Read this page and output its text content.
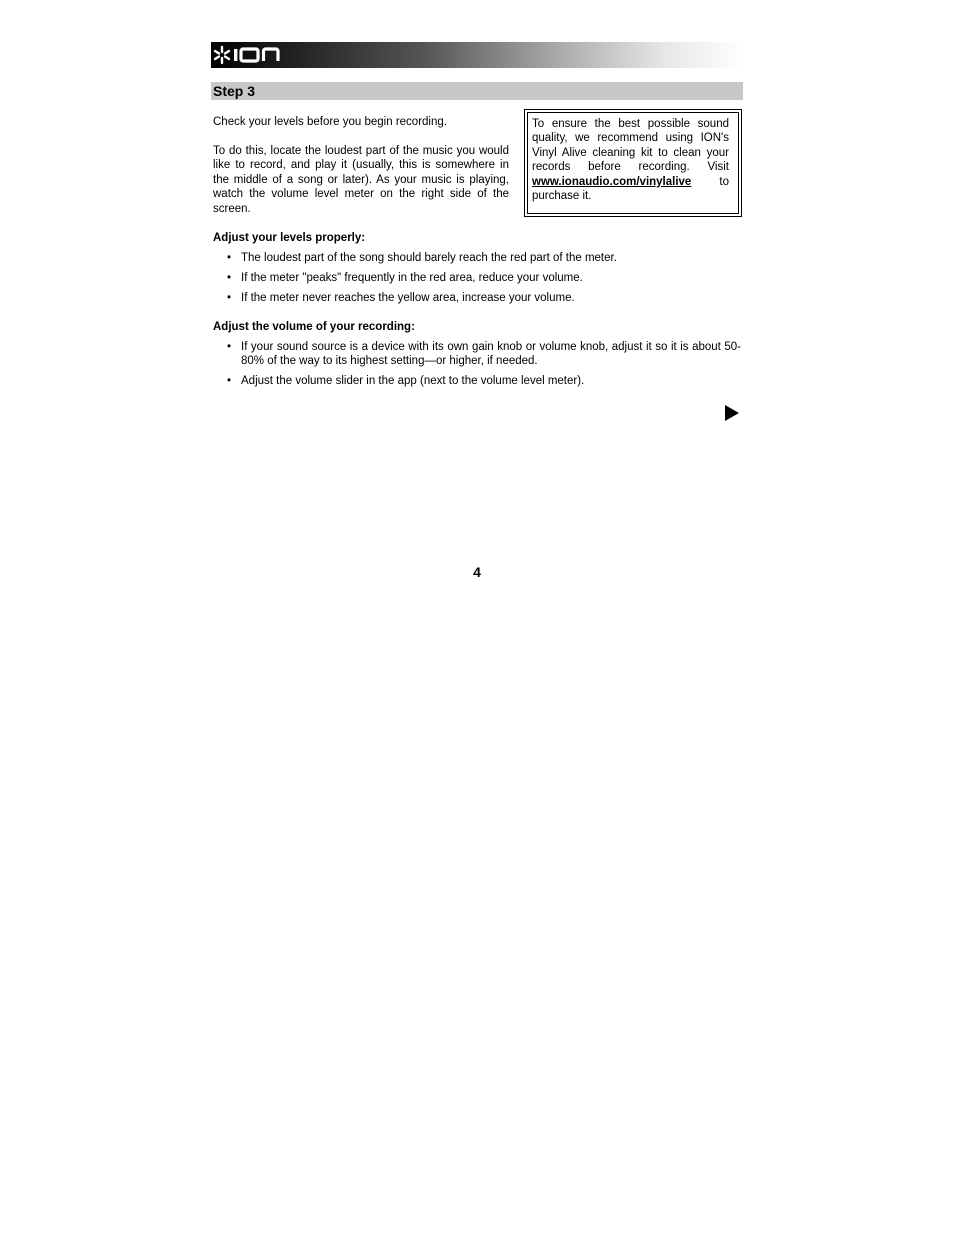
Step 3

Check your levels before you begin recording.

To do this, locate the loudest part of the music you would like to record, and play it (usually, this is somewhere in the middle of a song or later). As your music is playing, watch the volume level meter on the right side of the screen.

To ensure the best possible sound quality, we recommend using ION's Vinyl Alive cleaning kit to clean your records before recording. Visit www.ionaudio.com/vinylalive to purchase it.

Adjust your levels properly:

• The loudest part of the song should barely reach the red part of the meter.
• If the meter "peaks" frequently in the red area, reduce your volume.
• If the meter never reaches the yellow area, increase your volume.

Adjust the volume of your recording:

• If your sound source is a device with its own gain knob or volume knob, adjust it so it is about 50-80% of the way to its highest setting—or higher, if needed.
• Adjust the volume slider in the app (next to the volume level meter).
4
